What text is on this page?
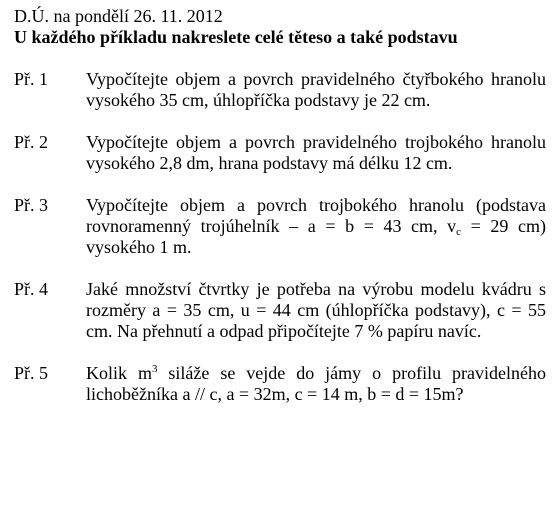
D.Ú. na pondělí 26. 11. 2012

U každého příkladu nakreslete celé těteso a také podstavu

Př. 1	Vypočítejte objem a povrch pravidelného čtyřbokého hranolu vysokého 35 cm, úhlopříčka podstavy je 22 cm.
Př. 2	Vypočítejte objem a povrch pravidelného trojbokého hranolu vysokého 2,8 dm, hrana podstavy má délku 12 cm.
Př. 3	Vypočítejte objem a povrch trojbokého hranolu (podstava rovnoramenný trojúhelník – a = b = 43 cm, $v_c = 29$ cm) vysokého 1 m.
Př. 4	Jaké množství čtvrtky je potřeba na výrobu modelu kvádru s rozměry a = 35 cm, u = 44 cm (úhlopříčka podstavy), c = 55 cm. Na přehnutí a odpad připočítejte 7 % papíru navíc.
Př. 5	Kolik $m^3$ siláže se vejde do jámy o profilu pravidelného lichoběžníka a // c, a = 32m, c = 14 m, b = d = 15m?
